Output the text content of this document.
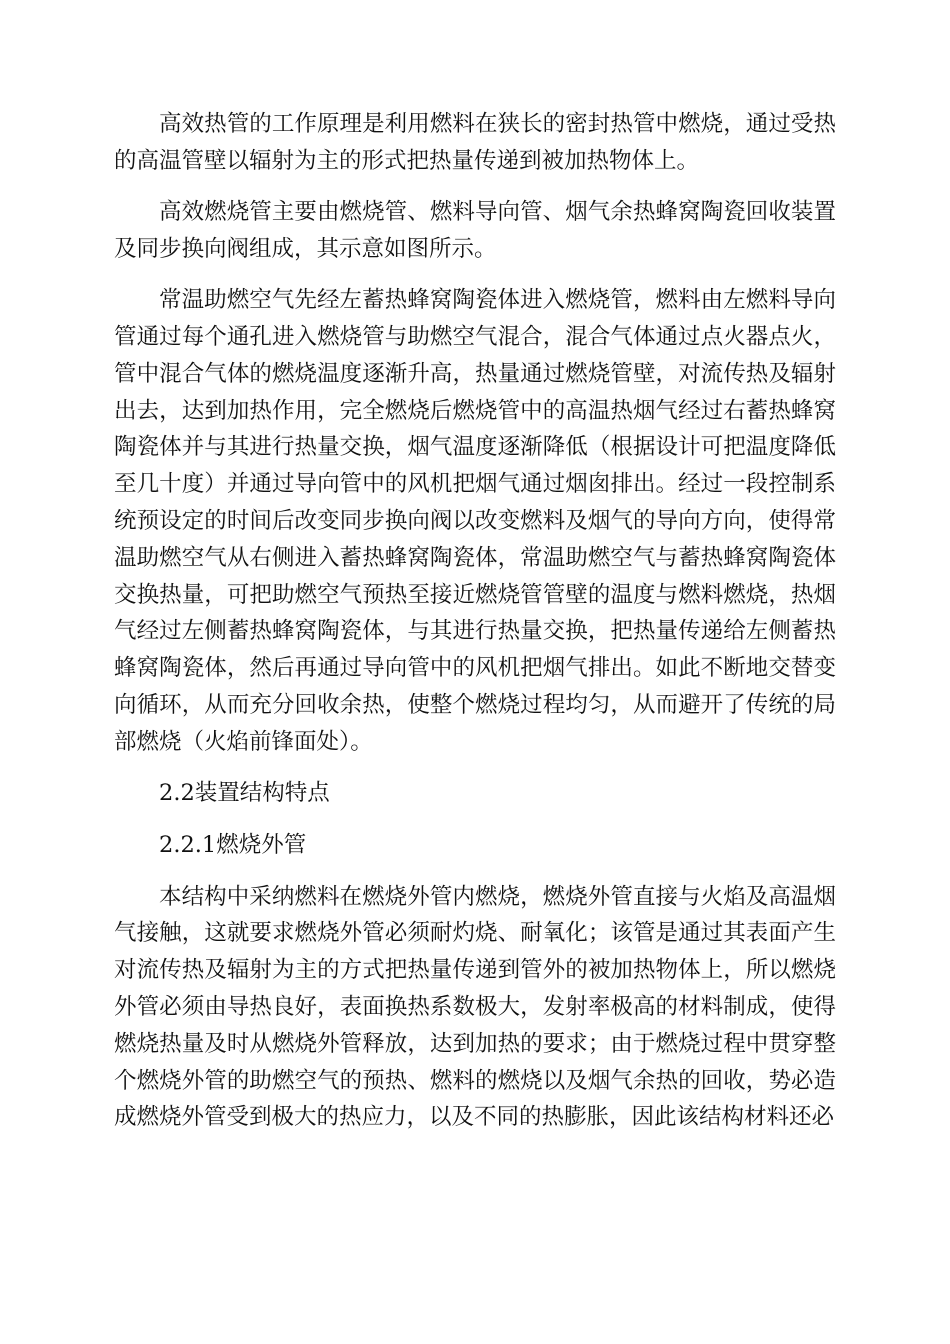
高效热管的工作原理是利用燃料在狭长的密封热管中燃烧，通过受热的高温管壁以辐射为主的形式把热量传递到被加热物体上。

高效燃烧管主要由燃烧管、燃料导向管、烟气余热蜂窝陶瓷回收装置及同步换向阀组成，其示意如图所示。

常温助燃空气先经左蓄热蜂窝陶瓷体进入燃烧管，燃料由左燃料导向管通过每个通孔进入燃烧管与助燃空气混合，混合气体通过点火器点火，管中混合气体的燃烧温度逐渐升高，热量通过燃烧管壁，对流传热及辐射出去，达到加热作用，完全燃烧后燃烧管中的高温热烟气经过右蓄热蜂窝陶瓷体并与其进行热量交换，烟气温度逐渐降低（根据设计可把温度降低至几十度）并通过导向管中的风机把烟气通过烟囱排出。经过一段控制系统预设定的时间后改变同步换向阀以改变燃料及烟气的导向方向，使得常温助燃空气从右侧进入蓄热蜂窝陶瓷体，常温助燃空气与蓄热蜂窝陶瓷体交换热量，可把助燃空气预热至接近燃烧管管壁的温度与燃料燃烧，热烟气经过左侧蓄热蜂窝陶瓷体，与其进行热量交换，把热量传递给左侧蓄热蜂窝陶瓷体，然后再通过导向管中的风机把烟气排出。如此不断地交替变向循环，从而充分回收余热，使整个燃烧过程均匀，从而避开了传统的局部燃烧（火焰前锋面处）。

2.2装置结构特点

2.2.1燃烧外管

本结构中采纳燃料在燃烧外管内燃烧，燃烧外管直接与火焰及高温烟气接触，这就要求燃烧外管必须耐灼烧、耐氧化；该管是通过其表面产生对流传热及辐射为主的方式把热量传递到管外的被加热物体上，所以燃烧外管必须由导热良好，表面换热系数极大，发射率极高的材料制成，使得燃烧热量及时从燃烧外管释放，达到加热的要求；由于燃烧过程中贯穿整个燃烧外管的助燃空气的预热、燃料的燃烧以及烟气余热的回收，势必造成燃烧外管受到极大的热应力，以及不同的热膨胀，因此该结构材料还必
